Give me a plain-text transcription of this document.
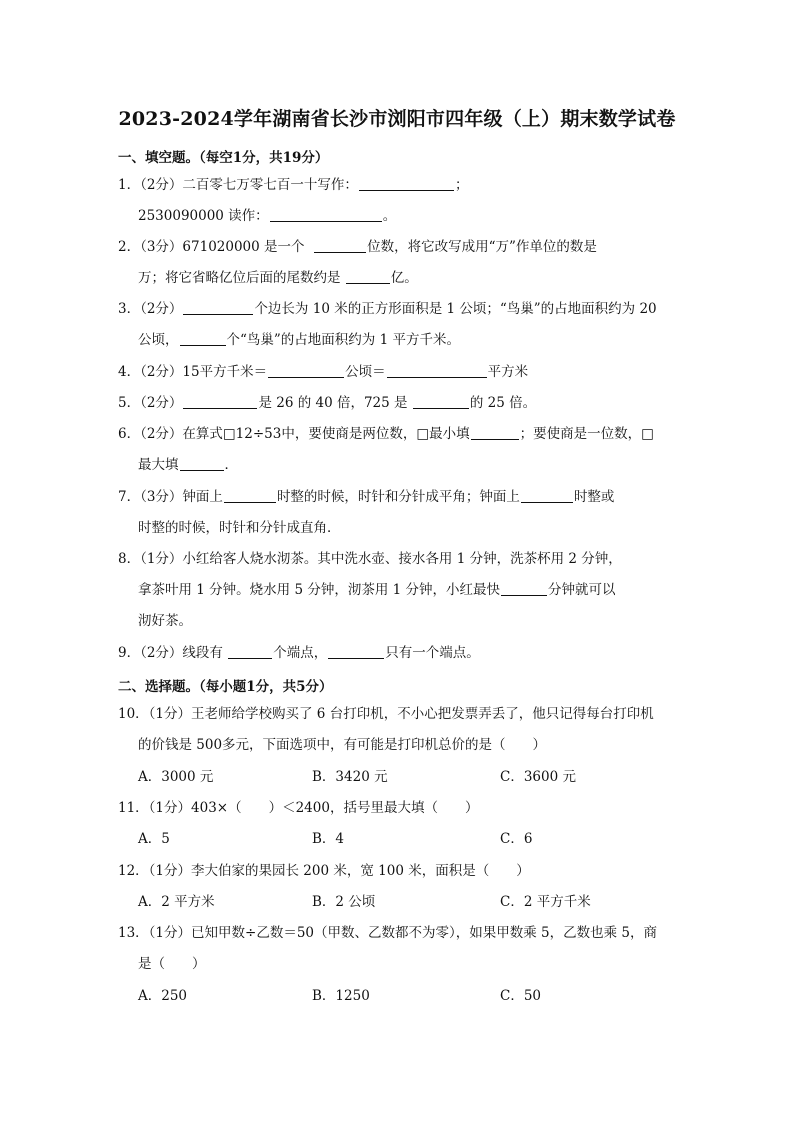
2023-2024学年湖南省长沙市浏阳市四年级（上）期末数学试卷
一、填空题。（每空1分，共19分）
1．（2分）二百零七万零七百一十写作：	；
2530090000 读作：	。
2．（3分）671020000 是一个	位数，将它改写成用“万”作单位的数是
万；将它省略亿位后面的尾数约是	亿。
3．（2分）	个边长为 10 米的正方形面积是 1 公顷；“鸟巢”的占地面积约为 20
公顷，	个“鸟巢”的占地面积约为 1 平方千米。
4．（2分）15平方千米＝	公顷＝	平方米
5．（2分）	是 26 的 40 倍，725 是	的 25 倍。
6．（2分）在算式□12÷53中，要使商是两位数，□最小填	；要使商是一位数，□
最大填	．
7．（3分）钟面上	时整的时候，时针和分针成平角；钟面上	时整或
时整的时候，时针和分针成直角．
8．（1分）小红给客人烧水沏茶。其中洗水壶、接水各用 1 分钟，洗茶杯用 2 分钟，
拿茶叶用 1 分钟。烧水用 5 分钟，沏茶用 1 分钟，小红最快	分钟就可以
沏好茶。
9．（2分）线段有	个端点，	只有一个端点。
二、选择题。（每小题1分，共5分）
10．（1分）王老师给学校购买了 6 台打印机，不小心把发票弄丢了，他只记得每台打印机
的价钱是 500多元，下面选项中，有可能是打印机总价的是（　　）
A．3000 元	B．3420 元	C．3600 元
11．（1分）403×（　　）＜2400，括号里最大填（　　）
A．5	B．4	C．6
12．（1分）李大伯家的果园长 200 米，宽 100 米，面积是（　　）
A．2 平方米	B．2 公顷	C．2 平方千米
13．（1分）已知甲数÷乙数＝50（甲数、乙数都不为零），如果甲数乘 5，乙数也乘 5，商
是（　　）
A．250	B．1250	C．50
